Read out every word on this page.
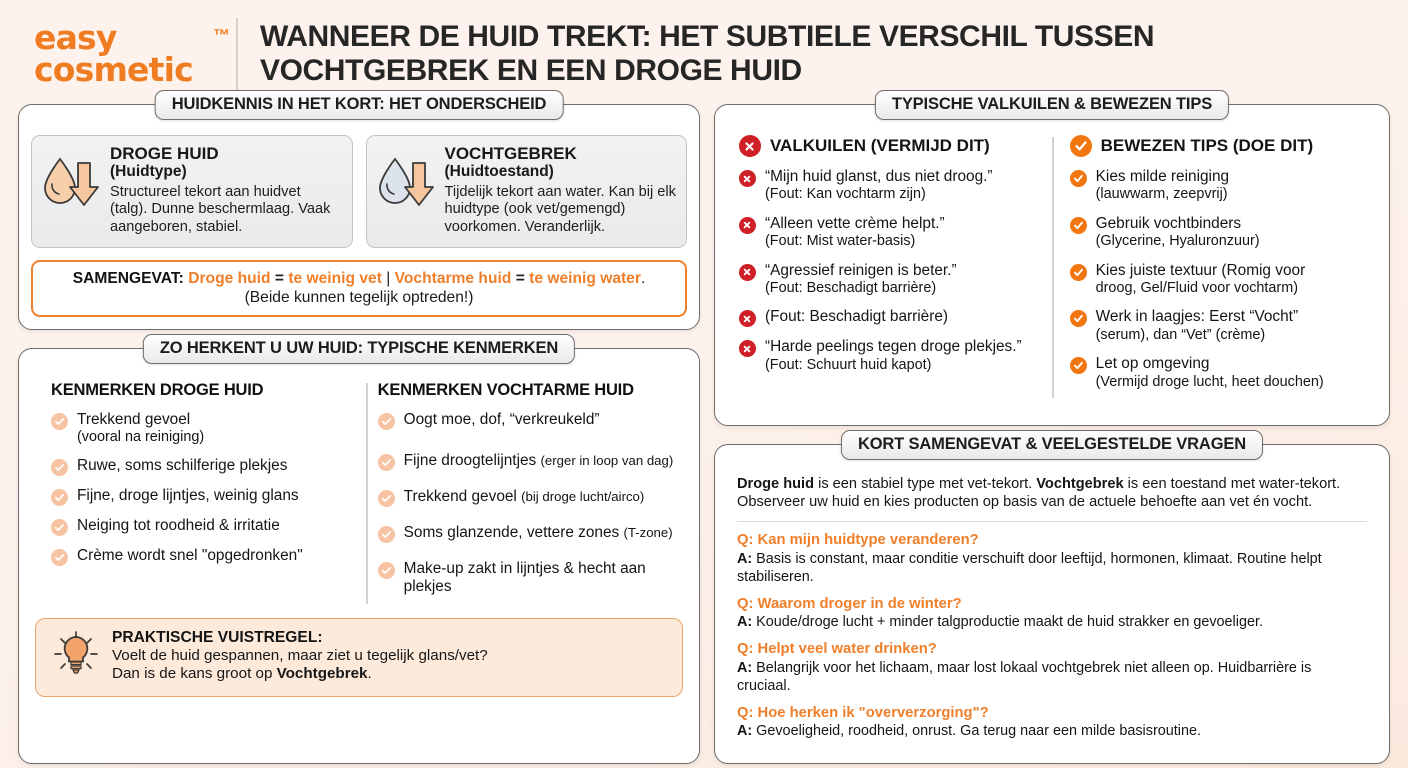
easy
cosmetic
™ WANNEER DE HUID TREKT: HET SUBTIELE VERSCHIL TUSSEN VOCHTGEBREK EN EEN DROGE HUID
HUIDKENNIS IN HET KORT: HET ONDERSCHEID
DROGE HUID
(Huidtype)
Structureel tekort aan huidvet (talg). Dunne beschermlaag. Vaak aangeboren, stabiel.
VOCHTGEBREK
(Huidtoestand)
Tijdelijk tekort aan water. Kan bij elk huidtype (ook vet/gemengd) voorkomen. Veranderlijk.
SAMENGEVAT: Droge huid = te weinig vet | Vochtarme huid = te weinig water.
(Beide kunnen tegelijk optreden!)
ZO HERKENT U UW HUID: TYPISCHE KENMERKEN
KENMERKEN DROGE HUID
Trekkend gevoel
(vooral na reiniging)
Ruwe, soms schilferige plekjes
Fijne, droge lijntjes, weinig glans
Neiging tot roodheid & irritatie
Crème wordt snel "opgedronken"
KENMERKEN VOCHTARME HUID
Oogt moe, dof, “verkreukeld”
Fijne droogtelijntjes (erger in loop van dag)
Trekkend gevoel (bij droge lucht/airco)
Soms glanzende, vettere zones (T-zone)
Make-up zakt in lijntjes & hecht aan plekjes
PRAKTISCHE VUISTREGEL:
Voelt de huid gespannen, maar ziet u tegelijk glans/vet?
Dan is de kans groot op Vochtgebrek.
TYPISCHE VALKUILEN & BEWEZEN TIPS
VALKUILEN (VERMIJD DIT)
“Mijn huid glanst, dus niet droog.”
(Fout: Kan vochtarm zijn)
“Alleen vette crème helpt.”
(Fout: Mist water-basis)
“Agressief reinigen is beter.”
(Fout: Beschadigt barrière)
(Fout: Beschadigt barrière)
“Harde peelings tegen droge plekjes.”
(Fout: Schuurt huid kapot)
BEWEZEN TIPS (DOE DIT)
Kies milde reiniging
(lauwwarm, zeepvrij)
Gebruik vochtbinders
(Glycerine, Hyaluronzuur)
Kies juiste textuur (Romig voor
droog, Gel/Fluid voor vochtarm)
Werk in laagjes: Eerst “Vocht”
(serum), dan “Vet” (crème)
Let op omgeving
(Vermijd droge lucht, heet douchen)
KORT SAMENGEVAT & VEELGESTELDE VRAGEN
Droge huid is een stabiel type met vet-tekort. Vochtgebrek is een toestand met water-tekort. Observeer uw huid en kies producten op basis van de actuele behoefte aan vet én vocht.
Q: Kan mijn huidtype veranderen?
A: Basis is constant, maar conditie verschuift door leeftijd, hormonen, klimaat. Routine helpt stabiliseren.
Q: Waarom droger in de winter?
A: Koude/droge lucht + minder talgproductie maakt de huid strakker en gevoeliger.
Q: Helpt veel water drinken?
A: Belangrijk voor het lichaam, maar lost lokaal vochtgebrek niet alleen op. Huidbarrière is cruciaal.
Q: Hoe herken ik "oververzorging"?
A: Gevoeligheid, roodheid, onrust. Ga terug naar een milde basisroutine.
